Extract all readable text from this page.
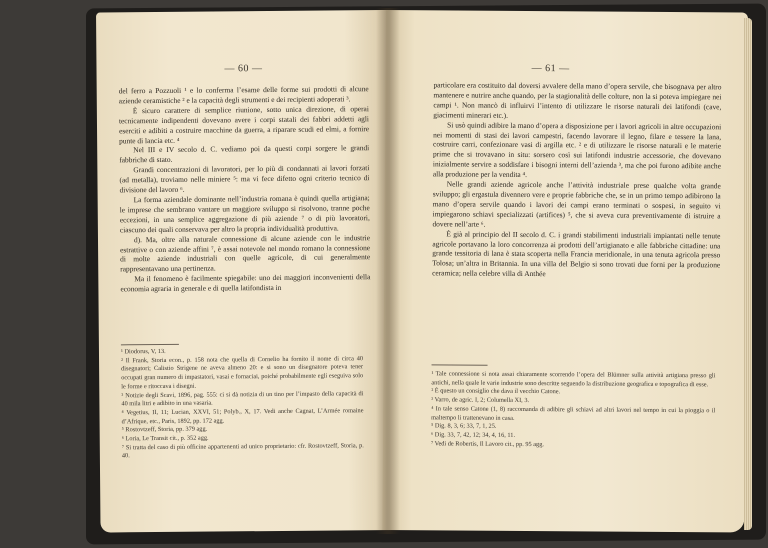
— 60 —

del ferro a Pozzuoli ¹ e lo conferma l’esame delle forme sui prodotti di alcune aziende ceramistiche ² e la capacità degli strumenti e dei recipienti adoperati ³.

È sicuro carattere di semplice riunione, sotto unica direzione, di operai tecnicamente indipendenti dovevano avere i corpi statali dei fabbri addetti agli eserciti e adibiti a costruire macchine da guerra, a riparare scudi ed elmi, a fornire punte di lancia etc. ⁴

Nel III e IV secolo d. C. vediamo poi da questi corpi sorgere le grandi fabbriche di stato.

Grandi concentrazioni di lavoratori, per lo più di condannati ai lavori forzati (ad metalla), troviamo nelle miniere ⁵: ma vi fece difetto ogni criterio tecnico di divisione del lavoro ⁶.

La forma aziendale dominante nell’industria romana è quindi quella artigiana; le imprese che sembrano vantare un maggiore sviluppo si risolvono, tranne poche eccezioni, in una semplice aggregazione di più aziende ⁷ o di più lavoratori, ciascuno dei quali conservava per altro la propria individualità produttiva.

d). Ma, oltre alla naturale connessione di alcune aziende con le industrie estrattive o con aziende affini ⁷, è assai notevole nel mondo romano la connessione di molte aziende industriali con quelle agricole, di cui generalmente rappresentavano una pertinenza.

Ma il fenomeno è facilmente spiegabile: uno dei maggiori inconvenienti della economia agraria in generale e di quella latifondista in

¹ Diodorus, V, 13.

² Il Frank, Storia econ., p. 158 nota che quella di Cornelio ha fornito il nome di circa 40 disegnatori; Calistio Strigene ne aveva almeno 20: e si sono un disegnatore poteva tener occupati gran numero di impastatori, vasai e fornaciai, poiché probabilmente egli eseguiva solo le forme e ritoccava i disegni.

³ Notizie degli Scavi, 1896, pag. 555: ci si dà notizia di un tino per l’impasto della capacità di 40 mila litri e adibito in una vasaria.

⁴ Vegetius, II, 11; Lucian, XXVI, 51; Polyb., X, 17. Vedi anche Cagnat, L’Armée romaine d’Afrique, etc., Paris, 1892, pp. 172 agg.

⁵ Rostovtzeff, Storia, pp. 379 agg.

⁶ Loria, Le Transit cit., p. 352 agg.

⁷ Si tratta del caso di più officine appartenenti ad unico proprietario: cfr. Rostovtzeff, Storia, p. 40.

— 61 —

particolare era costituito dal doversi avvalere della mano d’opera servile, che bisognava per altro mantenere e nutrire anche quando, per la stagionalità delle colture, non la si poteva impiegare nei campi ¹. Non mancò di influirvi l’intento di utilizzare le risorse naturali dei latifondi (cave, giacimenti minerari etc.).

Si usò quindi adibire la mano d’opera a disposizione per i lavori agricoli in altre occupazioni nei momenti di stasi dei lavori campestri, facendo lavorare il legno, filare e tessere la lana, costruire carri, confezionare vasi di argilla etc. ² e di utilizzare le risorse naturali e le materie prime che si trovavano in situ: sorsero così sui latifondi industrie accessorie, che dovevano inizialmente servire a soddisfare i bisogni interni dell’azienda ³, ma che poi furono adibite anche alla produzione per la vendita ⁴.

Nelle grandi aziende agricole anche l’attività industriale prese qualche volta grande sviluppo; gli ergastula divennero vere e proprie fabbriche che, se in un primo tempo adibirono la mano d’opera servile quando i lavori dei campi erano terminati o sospesi, in seguito vi impiegarono schiavi specializzati (artifices) ⁵, che si aveva cura preventivamente di istruire a dovere nell’arte ⁶.

È già al principio del II secolo d. C. i grandi stabilimenti industriali impiantati nelle tenute agricole portavano la loro concorrenza ai prodotti dell’artigianato e alle fabbriche cittadine: una grande tessitoria di lana è stata scoperta nella Francia meridionale, in una tenuta agricola presso Tolosa; un’altra in Britannia. In una villa del Belgio si sono trovati due forni per la produzione ceramica; nella celebre villa di Anthée

¹ Tale connessione si nota assai chiaramente scorrendo l’opera del Blümner sulla attività artigiana presso gli antichi, nella quale le varie industrie sono descritte seguendo la distribuzione geografica e topografica di esse.

² È questo un consiglio che dava il vecchio Catone.

³ Varro, de agric. I, 2; Columella XI, 3.

⁴ In tale senso Catone (1, 8) raccomanda di adibire gli schiavi ad altri lavori nel tempo in cui la pioggia o il maltempo li trattenevano in casa.

⁵ Dig. 8, 3, 6; 33, 7, 1, 25.

⁶ Dig. 33, 7, 42, 12; 34, 4, 16, 11.

⁷ Vedi de Robertis, Il Lavoro cit., pp. 95 agg.
